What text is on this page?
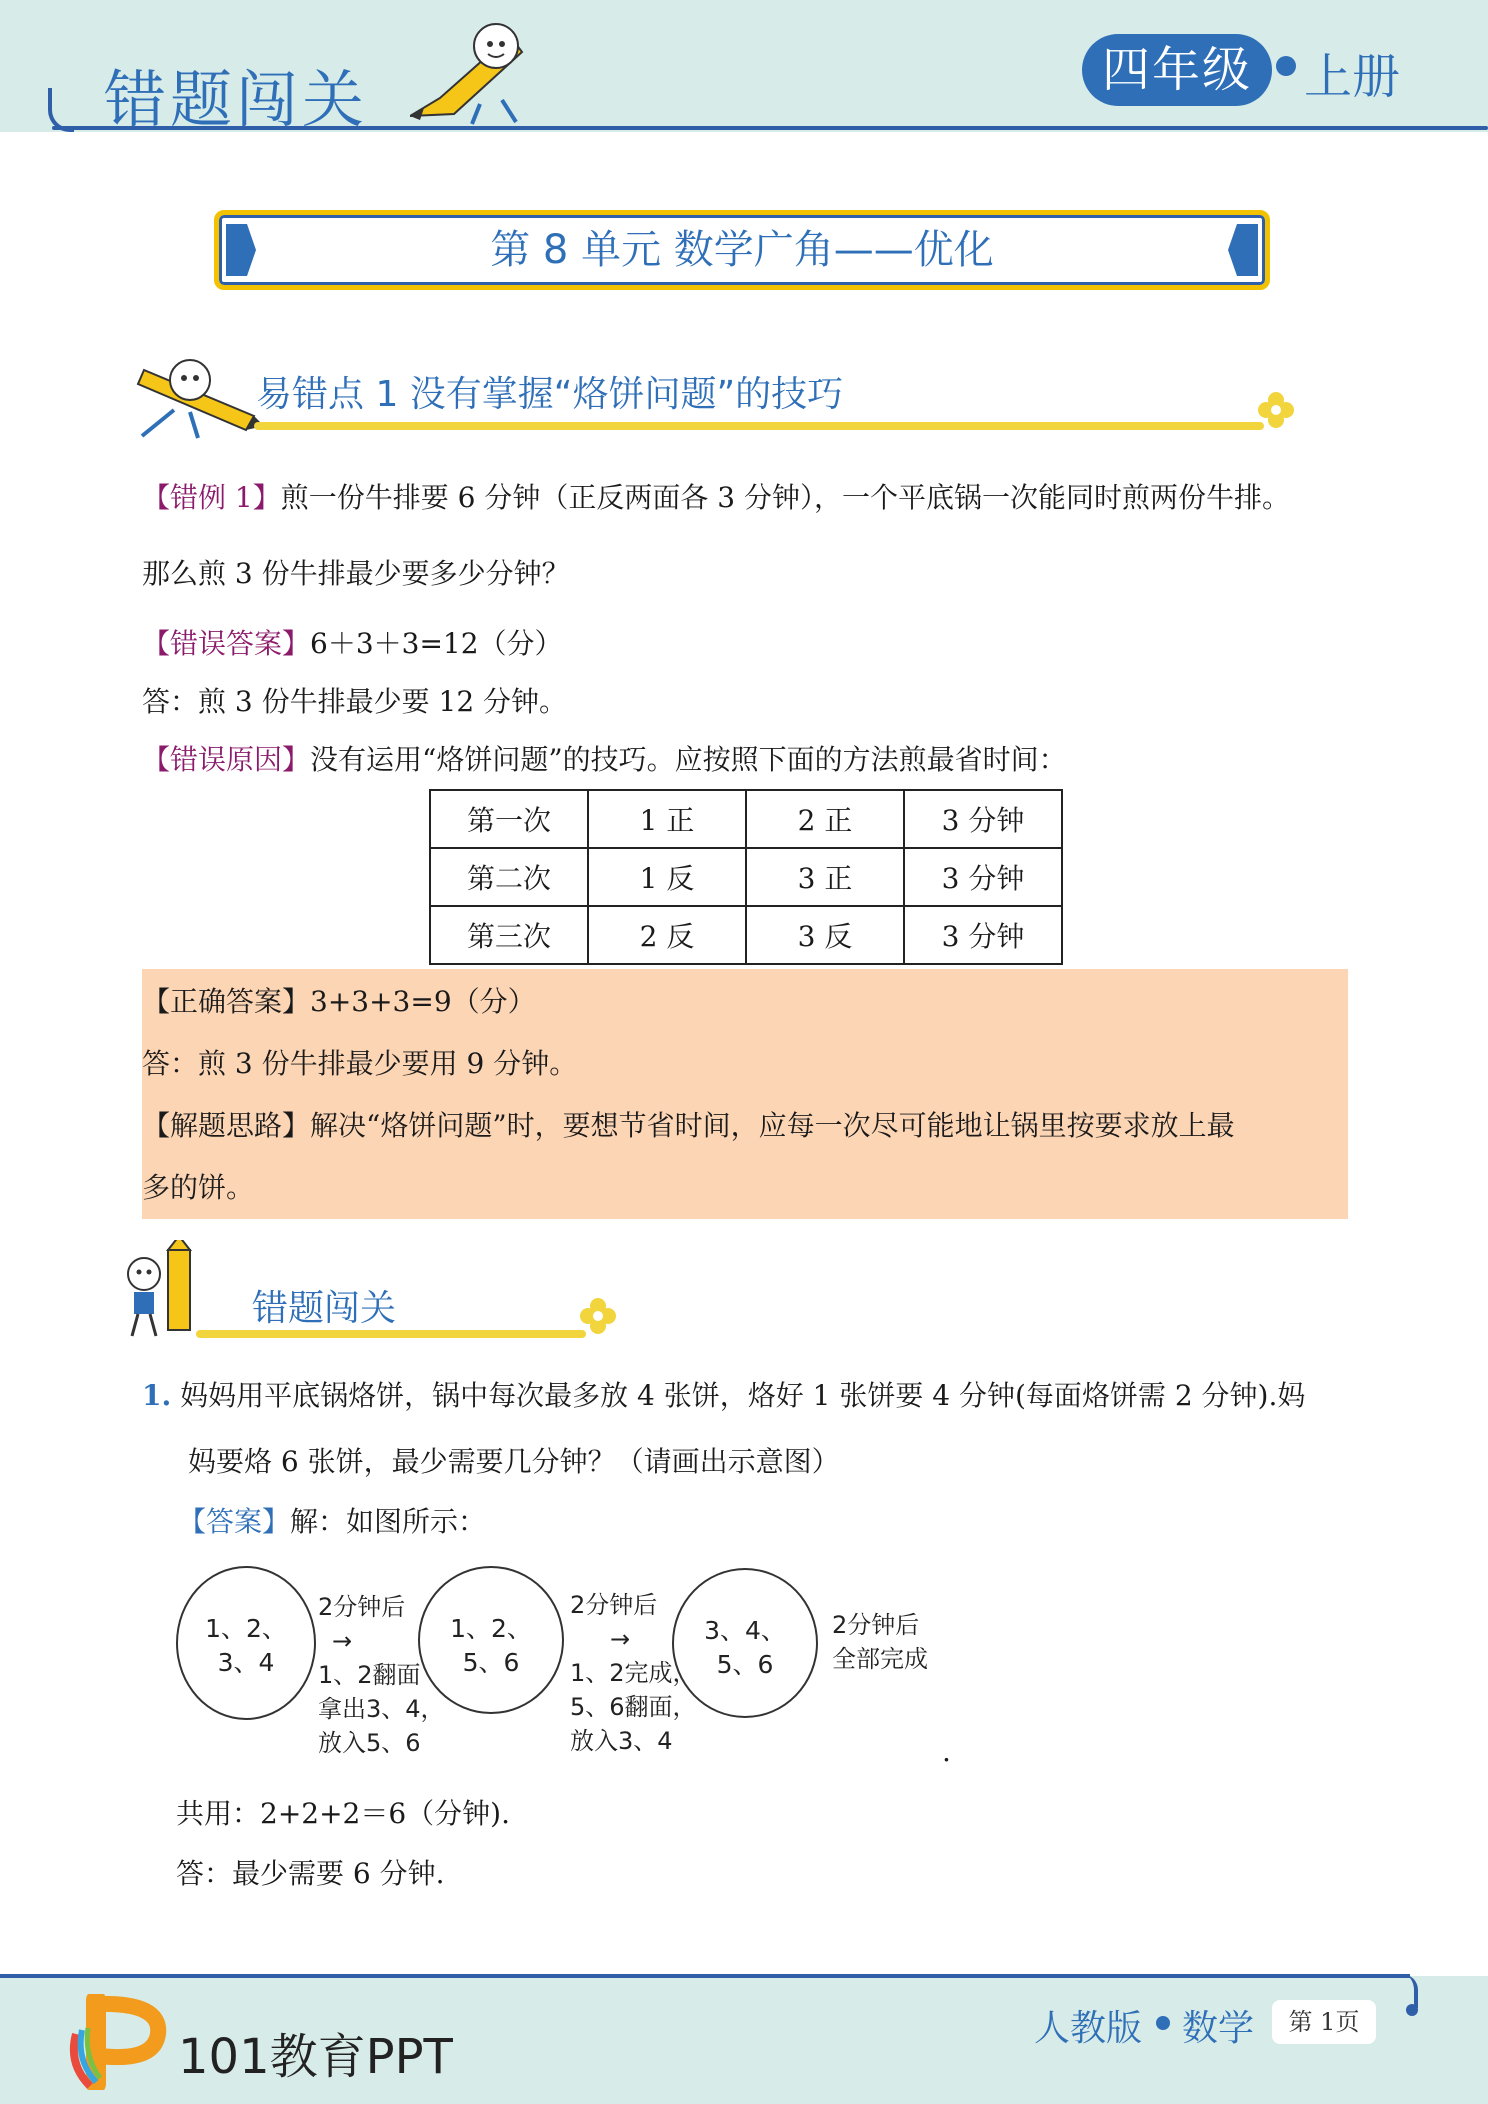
错题闯关	四年级	上册
第 8 单元 数学广角——优化
易错点 1 没有掌握“烙饼问题”的技巧
【错例 1】煎一份牛排要 6 分钟（正反两面各 3 分钟），一个平底锅一次能同时煎两份牛排。
那么煎 3 份牛排最少要多少分钟？
【错误答案】6＋3＋3=12（分）
答：煎 3 份牛排最少要 12 分钟。
【错误原因】没有运用“烙饼问题”的技巧。应按照下面的方法煎最省时间：
第一次	1 正	2 正	3 分钟
第二次	1 反	3 正	3 分钟
第三次	2 反	3 反	3 分钟
【正确答案】3+3+3=9（分）
答：煎 3 份牛排最少要用 9 分钟。
【解题思路】解决“烙饼问题”时，要想节省时间，应每一次尽可能地让锅里按要求放上最
多的饼。
错题闯关
1. 妈妈用平底锅烙饼，锅中每次最多放 4 张饼，烙好 1 张饼要 4 分钟(每面烙饼需 2 分钟).妈
妈要烙 6 张饼，最少需要几分钟？（请画出示意图）
【答案】解：如图所示：
1、2、
3、4
2分钟后
→
1、2翻面
拿出3、4，
放入5、6
1、2、
5、6
2分钟后
→
1、2完成，
5、6翻面，
放入3、4
3、4、
5、6
2分钟后
全部完成
.
共用：2+2+2＝6（分钟).
答：最少需要 6 分钟.
101教育PPT
人教版 数学	第 1页
